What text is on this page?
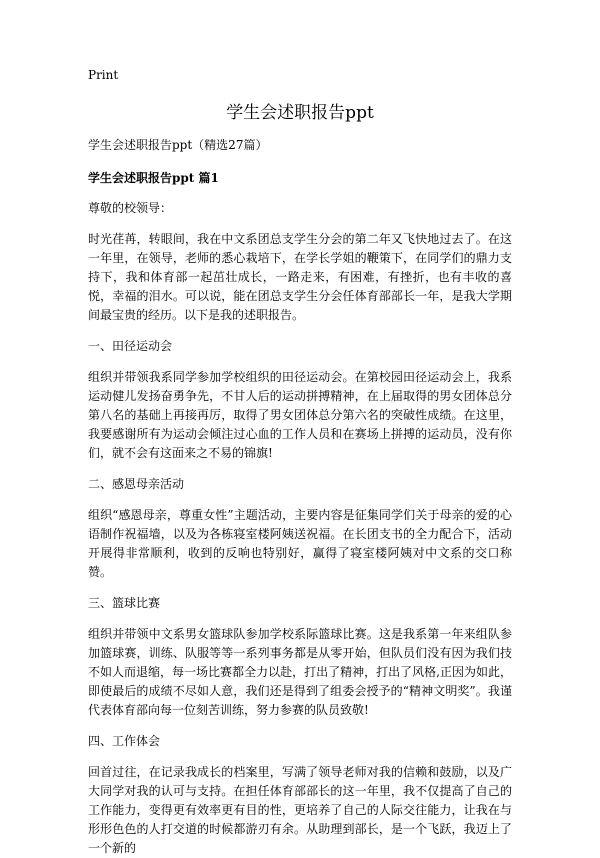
Print
学生会述职报告ppt
学生会述职报告ppt（精选27篇）
学生会述职报告ppt 篇1

尊敬的校领导：

时光荏苒，转眼间，我在中文系团总支学生分会的第二年又飞快地过去了。在这一年里，在领导，老师的悉心栽培下，在学长学姐的鞭策下，在同学们的鼎力支持下，我和体育部一起茁壮成长，一路走来，有困难，有挫折，也有丰收的喜悦，幸福的泪水。可以说，能在团总支学生分会任体育部部长一年，是我大学期间最宝贵的经历。以下是我的述职报告。

一、田径运动会

组织并带领我系同学参加学校组织的田径运动会。在第校园田径运动会上，我系运动健儿发扬奋勇争先，不甘人后的运动拼搏精神，在上届取得的男女团体总分第八名的基础上再接再厉，取得了男女团体总分第六名的突破性成绩。在这里，我要感谢所有为运动会倾注过心血的工作人员和在赛场上拼搏的运动员，没有你们，就不会有这面来之不易的锦旗!

二、感恩母亲活动

组织“感恩母亲，尊重女性”主题活动，主要内容是征集同学们关于母亲的爱的心语制作祝福墙，以及为各栋寝室楼阿姨送祝福。在长团支书的全力配合下，活动开展得非常顺利，收到的反响也特别好，赢得了寝室楼阿姨对中文系的交口称赞。

三、篮球比赛

组织并带领中文系男女篮球队参加学校系际篮球比赛。这是我系第一年来组队参加篮球赛，训练、队服等等一系列事务都是从零开始，但队员们没有因为我们技不如人而退缩，每一场比赛都全力以赴，打出了精神，打出了风格,正因为如此，即使最后的成绩不尽如人意，我们还是得到了组委会授予的“精神文明奖”。我谨代表体育部向每一位刻苦训练，努力参赛的队员致敬!

四、工作体会

回首过往，在记录我成长的档案里，写满了领导老师对我的信赖和鼓励，以及广大同学对我的认可与支持。在担任体育部部长的这一年里，我不仅提高了自己的工作能力，变得更有效率更有目的性，更培养了自己的人际交往能力，让我在与形形色色的人打交道的时候都游刃有余。从助理到部长，是一个飞跃，我迈上了一个新的
